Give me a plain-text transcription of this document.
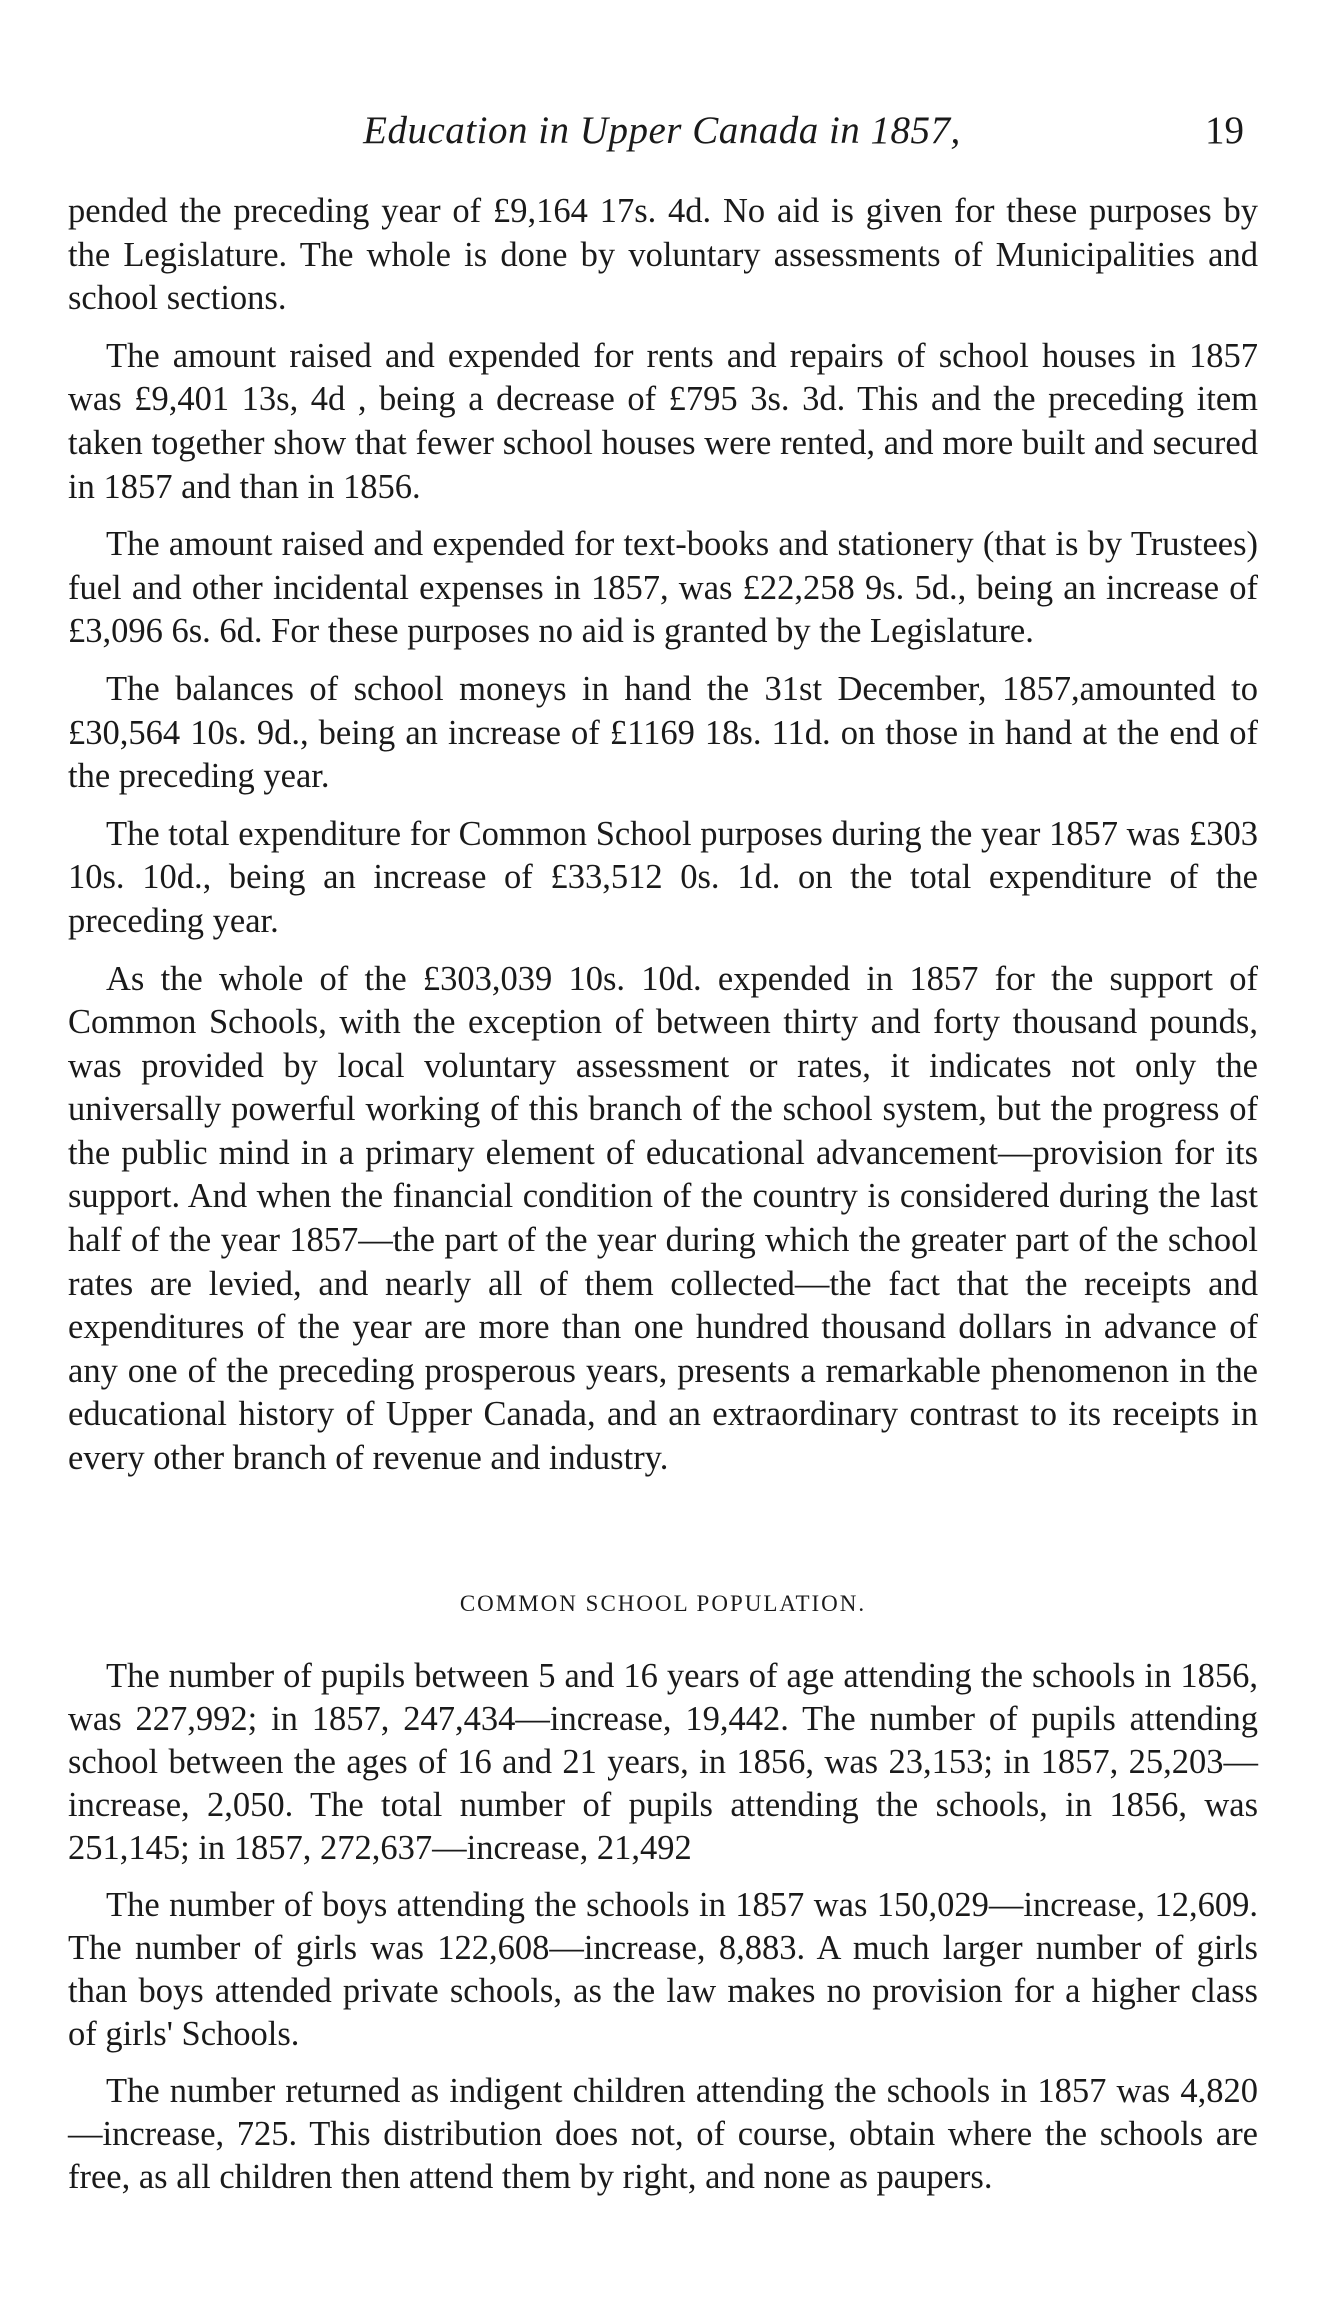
Education in Upper Canada in 1857,	19

pended the preceding year of £9,164 17s. 4d. No aid is given for these purposes by the Legislature. The whole is done by voluntary assessments of Municipalities and school sections.

The amount raised and expended for rents and repairs of school houses in 1857 was £9,401 13s, 4d , being a decrease of £795 3s. 3d. This and the preceding item taken together show that fewer school houses were rented, and more built and secured in 1857 and than in 1856.

The amount raised and expended for text-books and stationery (that is by Trustees) fuel and other incidental expenses in 1857, was £22,258 9s. 5d., being an increase of £3,096 6s. 6d. For these purposes no aid is granted by the Legislature.

The balances of school moneys in hand the 31st December, 1857,amounted to £30,564 10s. 9d., being an increase of £1169 18s. 11d. on those in hand at the end of the preceding year.

The total expenditure for Common School purposes during the year 1857 was £303 10s. 10d., being an increase of £33,512 0s. 1d. on the total expenditure of the preceding year.

As the whole of the £303,039 10s. 10d. expended in 1857 for the support of Common Schools, with the exception of between thirty and forty thousand pounds, was provided by local voluntary assessment or rates, it indicates not only the universally powerful working of this branch of the school system, but the progress of the public mind in a primary element of educational advancement—provision for its support. And when the financial condition of the country is considered during the last half of the year 1857—the part of the year during which the greater part of the school rates are levied, and nearly all of them collected—the fact that the receipts and expenditures of the year are more than one hundred thousand dollars in advance of any one of the preceding prosperous years, presents a remarkable phenomenon in the educational history of Upper Canada, and an extraordinary contrast to its receipts in every other branch of revenue and industry.

COMMON SCHOOL POPULATION.

The number of pupils between 5 and 16 years of age attending the schools in 1856, was 227,992; in 1857, 247,434—increase, 19,442. The number of pupils attending school between the ages of 16 and 21 years, in 1856, was 23,153; in 1857, 25,203—increase, 2,050. The total number of pupils attending the schools, in 1856, was 251,145; in 1857, 272,637—increase, 21,492

The number of boys attending the schools in 1857 was 150,029—increase, 12,609. The number of girls was 122,608—increase, 8,883. A much larger number of girls than boys attended private schools, as the law makes no provision for a higher class of girls' Schools.

The number returned as indigent children attending the schools in 1857 was 4,820—increase, 725. This distribution does not, of course, obtain where the schools are free, as all children then attend them by right, and none as paupers.
